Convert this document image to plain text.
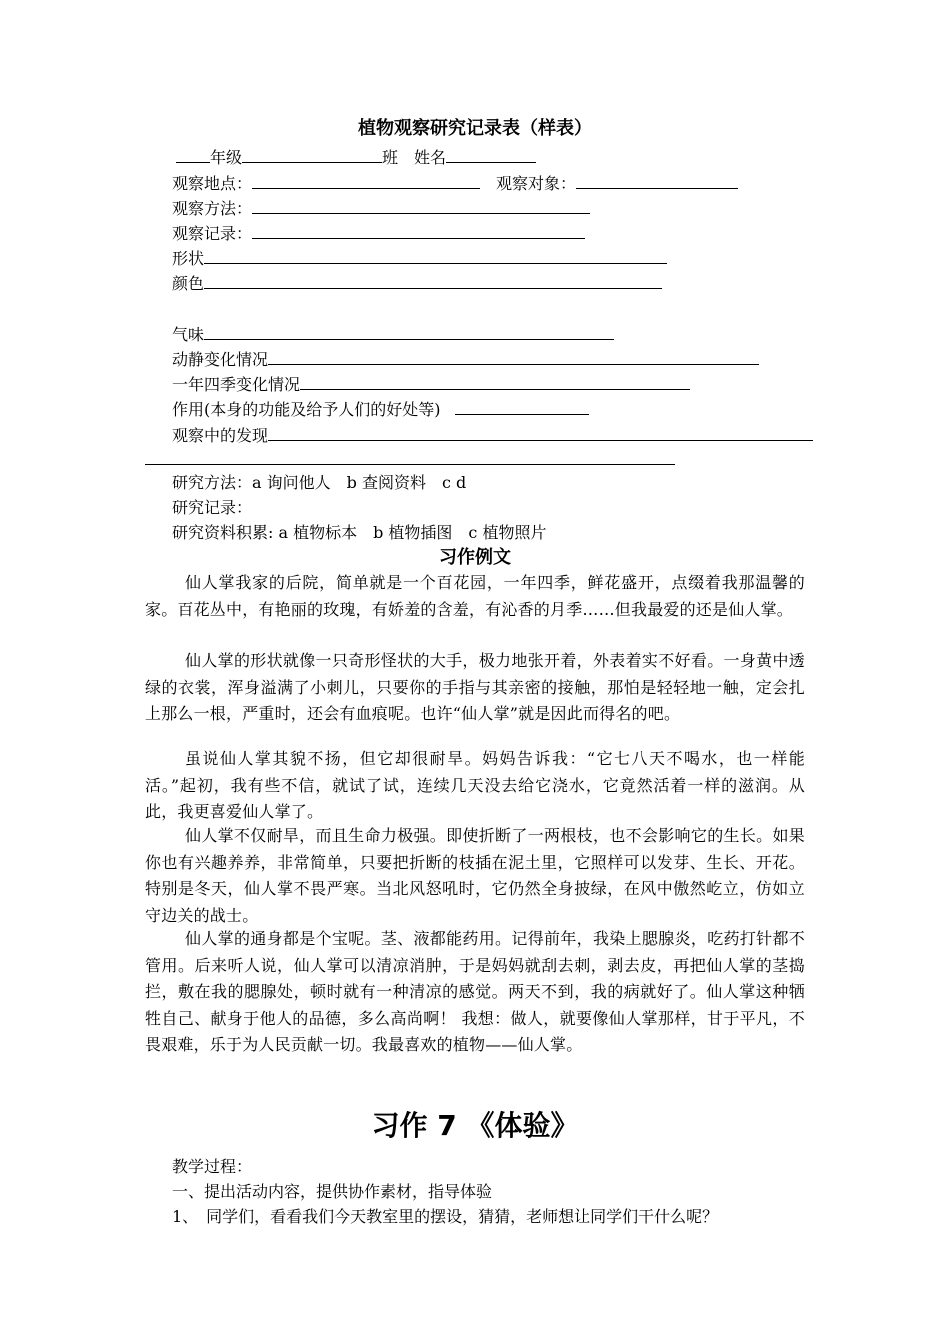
植物观察研究记录表（样表）
年级	班 姓名
观察地点：	观察对象：
观察方法：
观察记录：
形状
颜色
气味
动静变化情况
一年四季变化情况
作用(本身的功能及给予人们的好处等)
观察中的发现
研究方法：a 询问他人　b 查阅资料　c d
研究记录：
研究资料积累: a 植物标本　b 植物插图　c 植物照片
习作例文
仙人掌我家的后院，简单就是一个百花园，一年四季，鲜花盛开，点缀着我那温馨的家。百花丛中，有艳丽的玫瑰，有娇羞的含羞，有沁香的月季……但我最爱的还是仙人掌。
仙人掌的形状就像一只奇形怪状的大手，极力地张开着，外表着实不好看。一身黄中透绿的衣裳，浑身溢满了小刺儿，只要你的手指与其亲密的接触，那怕是轻轻地一触，定会扎上那么一根，严重时，还会有血痕呢。也许“仙人掌”就是因此而得名的吧。
虽说仙人掌其貌不扬，但它却很耐旱。妈妈告诉我：“它七八天不喝水，也一样能活。”起初，我有些不信，就试了试，连续几天没去给它浇水，它竟然活着一样的滋润。从此，我更喜爱仙人掌了。
仙人掌不仅耐旱，而且生命力极强。即使折断了一两根枝，也不会影响它的生长。如果你也有兴趣养养，非常简单，只要把折断的枝插在泥土里，它照样可以发芽、生长、开花。特别是冬天，仙人掌不畏严寒。当北风怒吼时，它仍然全身披绿，在风中傲然屹立，仿如立守边关的战士。
仙人掌的通身都是个宝呢。茎、液都能药用。记得前年，我染上腮腺炎，吃药打针都不管用。后来听人说，仙人掌可以清凉消肿，于是妈妈就刮去刺，剥去皮，再把仙人掌的茎捣拦，敷在我的腮腺处，顿时就有一种清凉的感觉。两天不到，我的病就好了。仙人掌这种牺牲自己、献身于他人的品德，多么高尚啊！ 我想：做人，就要像仙人掌那样，甘于平凡，不畏艰难，乐于为人民贡献一切。我最喜欢的植物——仙人掌。
习作 7 《体验》
教学过程：
一、提出活动内容，提供协作素材，指导体验
1、　同学们，看看我们今天教室里的摆设，猜猜，老师想让同学们干什么呢？
